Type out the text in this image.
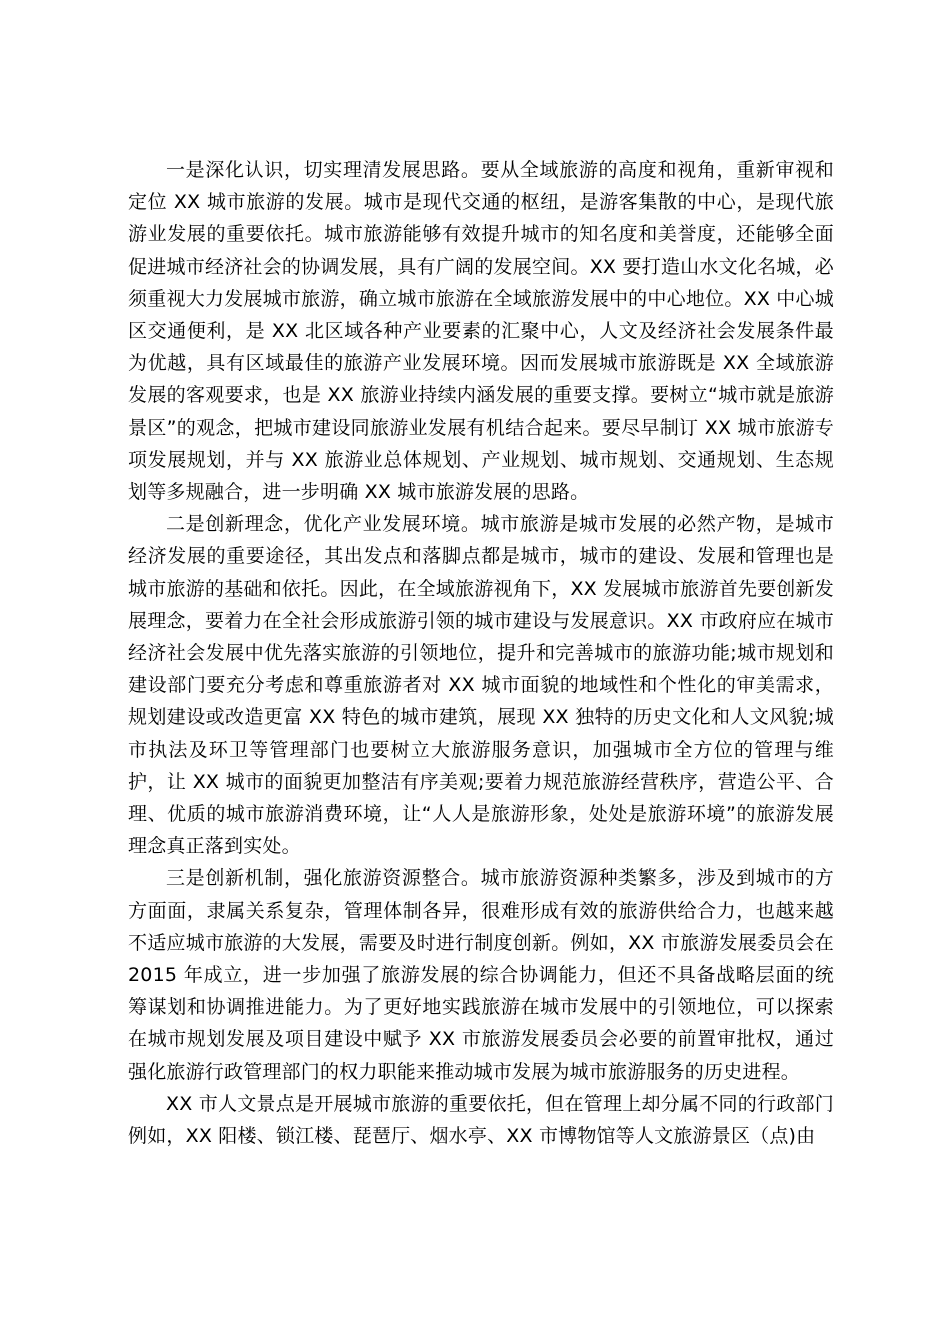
一是深化认识，切实理清发展思路。要从全域旅游的高度和视角，重新审视和定位 XX 城市旅游的发展。城市是现代交通的枢纽，是游客集散的中心，是现代旅游业发展的重要依托。城市旅游能够有效提升城市的知名度和美誉度，还能够全面促进城市经济社会的协调发展，具有广阔的发展空间。XX 要打造山水文化名城，必须重视大力发展城市旅游，确立城市旅游在全域旅游发展中的中心地位。XX 中心城区交通便利，是 XX 北区域各种产业要素的汇聚中心，人文及经济社会发展条件最为优越，具有区域最佳的旅游产业发展环境。因而发展城市旅游既是 XX 全域旅游发展的客观要求，也是 XX 旅游业持续内涵发展的重要支撑。要树立“城市就是旅游景区”的观念，把城市建设同旅游业发展有机结合起来。要尽早制订 XX 城市旅游专项发展规划，并与 XX 旅游业总体规划、产业规划、城市规划、交通规划、生态规划等多规融合，进一步明确 XX 城市旅游发展的思路。

二是创新理念，优化产业发展环境。城市旅游是城市发展的必然产物，是城市经济发展的重要途径，其出发点和落脚点都是城市，城市的建设、发展和管理也是城市旅游的基础和依托。因此，在全域旅游视角下，XX 发展城市旅游首先要创新发展理念，要着力在全社会形成旅游引领的城市建设与发展意识。XX 市政府应在城市经济社会发展中优先落实旅游的引领地位，提升和完善城市的旅游功能;城市规划和建设部门要充分考虑和尊重旅游者对 XX 城市面貌的地域性和个性化的审美需求，规划建设或改造更富 XX 特色的城市建筑，展现 XX 独特的历史文化和人文风貌;城市执法及环卫等管理部门也要树立大旅游服务意识，加强城市全方位的管理与维护，让 XX 城市的面貌更加整洁有序美观;要着力规范旅游经营秩序，营造公平、合理、优质的城市旅游消费环境，让“人人是旅游形象，处处是旅游环境”的旅游发展理念真正落到实处。

三是创新机制，强化旅游资源整合。城市旅游资源种类繁多，涉及到城市的方方面面，隶属关系复杂，管理体制各异，很难形成有效的旅游供给合力，也越来越不适应城市旅游的大发展，需要及时进行制度创新。例如，XX 市旅游发展委员会在 2015 年成立，进一步加强了旅游发展的综合协调能力，但还不具备战略层面的统筹谋划和协调推进能力。为了更好地实践旅游在城市发展中的引领地位，可以探索在城市规划发展及项目建设中赋予 XX 市旅游发展委员会必要的前置审批权，通过强化旅游行政管理部门的权力职能来推动城市发展为城市旅游服务的历史进程。

XX 市人文景点是开展城市旅游的重要依托，但在管理上却分属不同的行政部门例如，XX 阳楼、锁江楼、琵琶厅、烟水亭、XX 市博物馆等人文旅游景区（点)由
